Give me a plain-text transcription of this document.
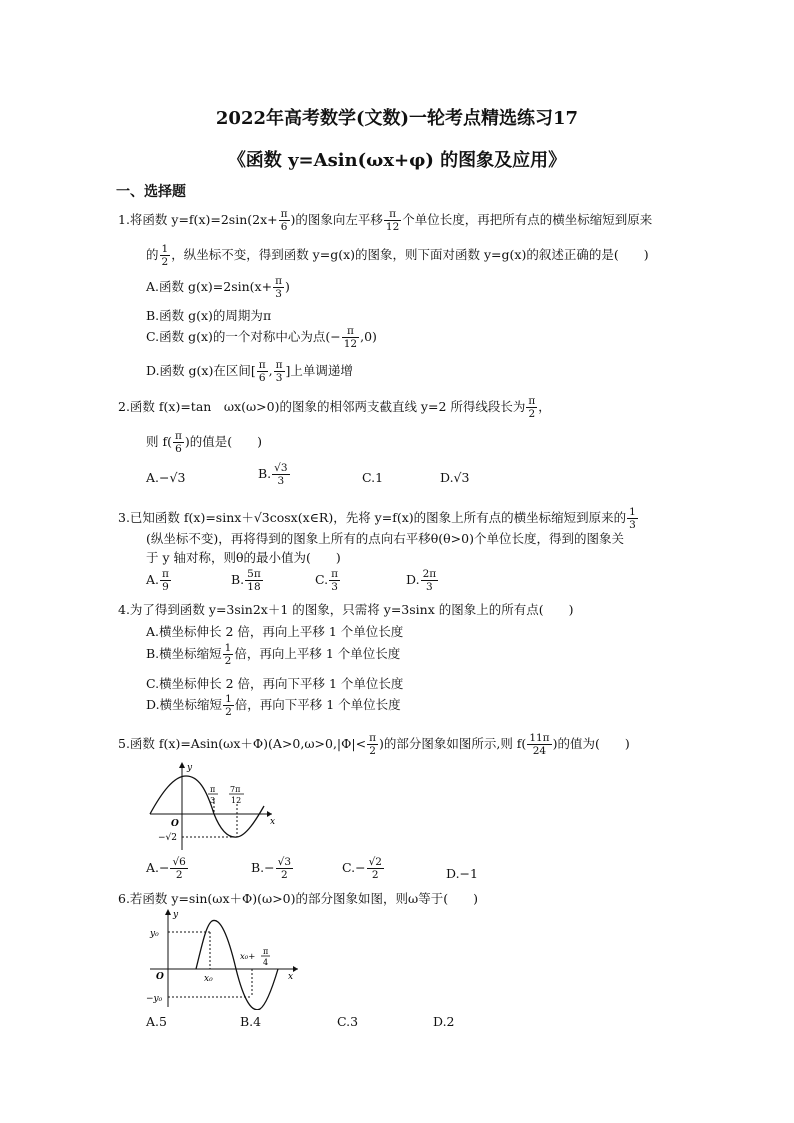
2022年高考数学(文数)一轮考点精选练习17
《函数 y=Asin(ωx+φ) 的图象及应用》
一、选择题
1.将函数 $y=f(x)=2\sin(2x+ \frac{\pi}{6}$ )的图象向左平移 $\frac{\pi}{12}$ 个单位长度，再把所有点的横坐标缩短到原来
的 $\frac{1}{2}$ ，纵坐标不变，得到函数 y=g(x)的图象，则下面对函数 y=g(x)的叙述正确的是(　　)
A.函数 $g(x)=2\sin(x+ \frac{\pi}{3}$ )
B.函数 g(x)的周期为π
C.函数 g(x)的一个对称中心为点(− $\frac{\pi}{12} ,0$)
D.函数 g(x)在区间[ $\frac{\pi}{6}$ , $\frac{\pi}{3}$ ]上单调递增
2.函数 f(x)=tan　ωx(ω>0)的图象的相邻两支截直线 y=2 所得线段长为 $\frac{\pi}{2}$ ，
则 $f( \frac{\pi}{6}$ )的值是(　　)
A.−√3	B. $\frac{√3}{3}$	C.1	D.√3
3.已知函数 f(x)=sinx＋√3cosx(x∈R)，先将 y=f(x)的图象上所有点的横坐标缩短到原来的 $\frac{1}{3}$
(纵坐标不变)，再将得到的图象上所有的点向右平移θ(θ>0)个单位长度，得到的图象关
于 y 轴对称，则θ的最小值为(　　)
A. $\frac{\pi}{9}$	B. $\frac{5\pi}{18}$	C. $\frac{\pi}{3}$	D. $\frac{2\pi}{3}$
4.为了得到函数 y=3sin2x＋1 的图象，只需将 y=3sinx 的图象上的所有点(　　)
A.横坐标伸长 2 倍，再向上平移 1 个单位长度
B.横坐标缩短 $\frac{1}{2}$ 倍，再向上平移 1 个单位长度
C.横坐标伸长 2 倍，再向下平移 1 个单位长度
D.横坐标缩短 $\frac{1}{2}$ 倍，再向下平移 1 个单位长度
5.函数 $f(x)=Asin(\omega x+\Phi)(A>0,\omega>0,|\Phi|< \frac{\pi}{2}$ )的部分图象如图所示,则 $f( \frac{11\pi}{24}$ )的值为(　　)
y
x
O
π
3
7π
12
−√2
$A.- \frac{√6}{2}$	$B.- \frac{√3}{2}$	$C.- \frac{√2}{2}$	D.−1
6.若函数 y=sin(ωx＋Φ)(ω>0)的部分图象如图，则ω等于(　　)
y
x
O
y₀
−y₀
x₀
x₀+
π
4
A.5	B.4	C.3	D.2
